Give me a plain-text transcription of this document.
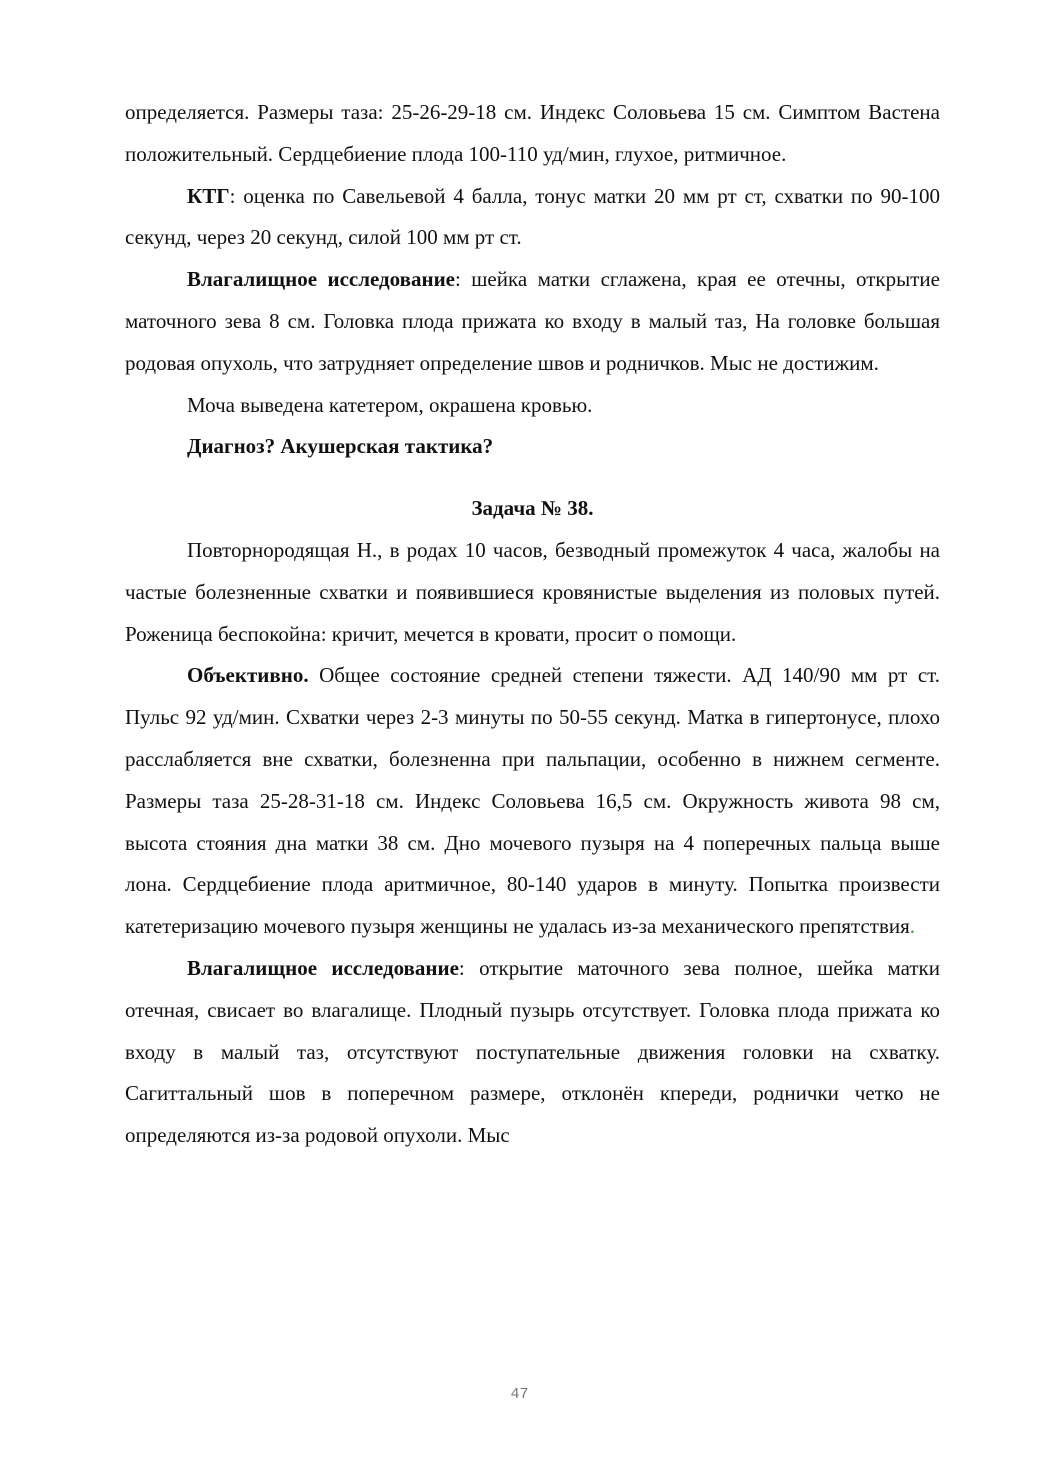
определяется. Размеры таза: 25-26-29-18 см. Индекс Соловьева 15 см. Симптом Вастена положительный. Сердцебиение плода 100-110 уд/мин, глухое, ритмичное.

КТГ: оценка по Савельевой 4 балла, тонус матки 20 мм рт ст, схватки по 90-100 секунд, через 20 секунд, силой 100 мм рт ст.

Влагалищное исследование: шейка матки сглажена, края ее отечны, открытие маточного зева 8 см. Головка плода прижата ко входу в малый таз, На головке большая родовая опухоль, что затрудняет определение швов и родничков. Мыс не достижим.

Моча выведена катетером, окрашена кровью.

Диагноз? Акушерская тактика?

Задача № 38.

Повторнородящая Н., в родах 10 часов, безводный промежуток 4 часа, жалобы на частые болезненные схватки и появившиеся кровянистые выделения из половых путей. Роженица беспокойна: кричит, мечется в кровати, просит о помощи.

Объективно. Общее состояние средней степени тяжести. АД 140/90 мм рт ст. Пульс 92 уд/мин. Схватки через 2-3 минуты по 50-55 секунд. Матка в гипертонусе, плохо расслабляется вне схватки, болезненна при пальпации, особенно в нижнем сегменте. Размеры таза 25-28-31-18 см. Индекс Соловьева 16,5 см. Окружность живота 98 см, высота стояния дна матки 38 см. Дно мочевого пузыря на 4 поперечных пальца выше лона. Сердцебиение плода аритмичное, 80-140 ударов в минуту. Попытка произвести катетеризацию мочевого пузыря женщины не удалась из-за механического препятствия.

Влагалищное исследование: открытие маточного зева полное, шейка матки отечная, свисает во влагалище. Плодный пузырь отсутствует. Головка плода прижата ко входу в малый таз, отсутствуют поступательные движения головки на схватку. Сагиттальный шов в поперечном размере, отклонён кпереди, роднички четко не определяются из-за родовой опухоли. Мыс

47
